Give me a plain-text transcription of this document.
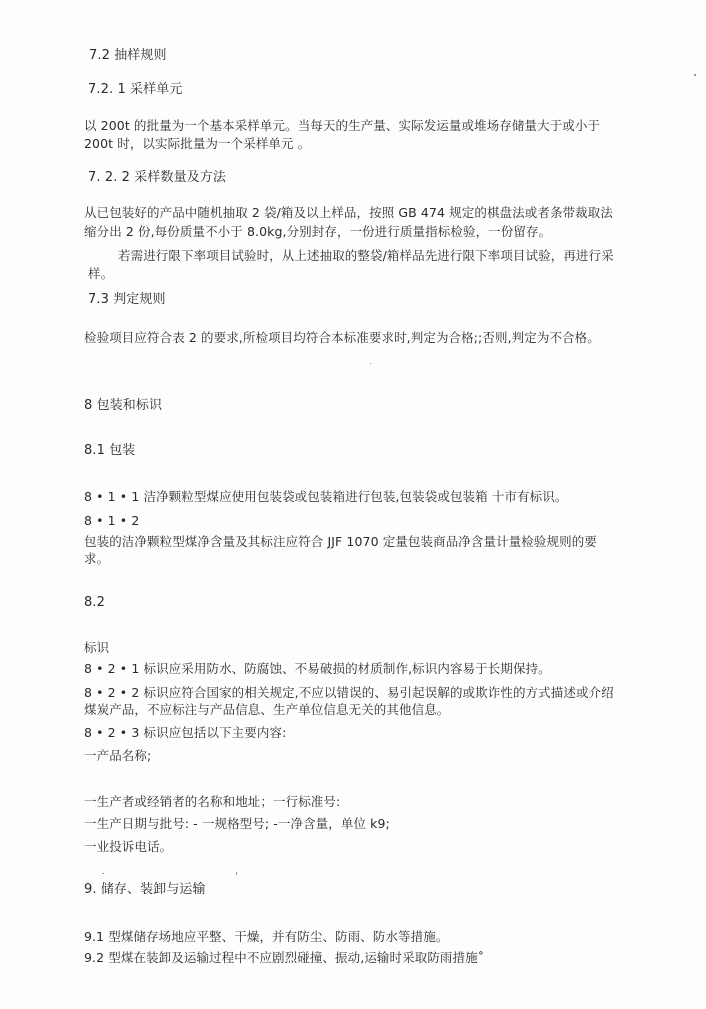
7.2 抽样规则
7.2. 1 采样单元
以 200t 的批量为一个基本采样单元。当每天的生产量、实际发运量或堆场存储量大于或小于
200t 时，以实际批量为一个采样单元 。
7. 2. 2 采样数量及方法
从已包装好的产品中随机抽取 2 袋/箱及以上样品，按照 GB 474 规定的棋盘法或者条带裁取法
缩分出 2 份,每份质量不小于 8.0kg,分别封存，一份进行质量指标检验，一份留存。
若需进行限下率项目试验时，从上述抽取的整袋/箱样品先进行限下率项目试验，再进行采
样。
7.3 判定规则
检验项目应符合表 2 的要求,所检项目均符合本标准要求时,判定为合格;;否则,判定为不合格。
8 包装和标识
8.1 包装
8 • 1 • 1 洁净颗粒型煤应使用包装袋或包装箱进行包装,包装袋或包装箱 十市有标识。
8 • 1 • 2
包装的洁净颗粒型煤净含量及其标注应符合 JJF 1070 定量包装商品净含量计量检验规则的要
求。
8.2
标识
8 • 2 • 1 标识应采用防水、防腐蚀、不易破损的材质制作,标识内容易于长期保持。
8 • 2 • 2 标识应符合国家的相关规定,不应以错误的、易引起误解的或欺诈性的方式描述或介绍
煤炭产品，不应标注与产品信息、生产单位信息无关的其他信息。
8 • 2 • 3 标识应包括以下主要内容:
一产品名称;
一生产者或经销者的名称和地址；一行标准号:
一生产日期与批号: - 一规格型号; -一净含量，单位 k9;
一业投诉电话。
9. 储存、装卸与运输
9.1 型煤储存场地应平整、干燥，并有防尘、防雨、防水等措施。
9.2 型煤在装卸及运输过程中不应剧烈碰撞、振动,运输时采取防雨措施˚
